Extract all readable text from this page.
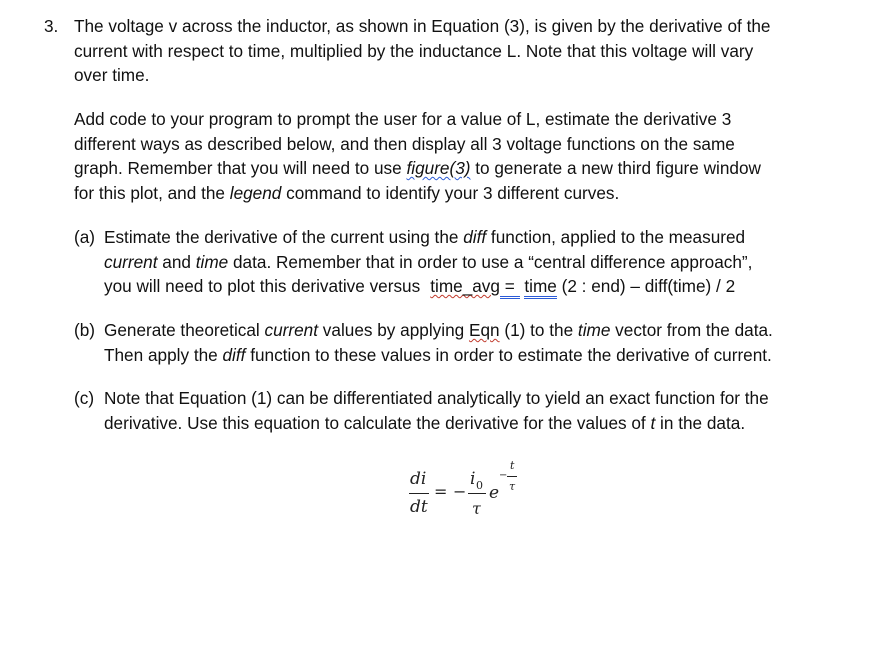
3. The voltage v across the inductor, as shown in Equation (3), is given by the derivative of the
current with respect to time, multiplied by the inductance L. Note that this voltage will vary
over time.
Add code to your program to prompt the user for a value of L, estimate the derivative 3
different ways as described below, and then display all 3 voltage functions on the same
graph. Remember that you will need to use figure(3) to generate a new third figure window
for this plot, and the legend command to identify your 3 different curves.
(a) Estimate the derivative of the current using the diff function, applied to the measured
current and time data. Remember that in order to use a “central difference approach”,
you will need to plot this derivative versus time_avg =  time (2 : end) – diff(time) / 2
(b) Generate theoretical current values by applying Eqn (1) to the time vector from the data.
Then apply the diff function to these values in order to estimate the derivative of current.
(c) Note that Equation (1) can be differentiated analytically to yield an exact function for the
derivative. Use this equation to calculate the derivative for the values of t in the data.
di
dt
= −
i 0
τ
e
−
t
τ
